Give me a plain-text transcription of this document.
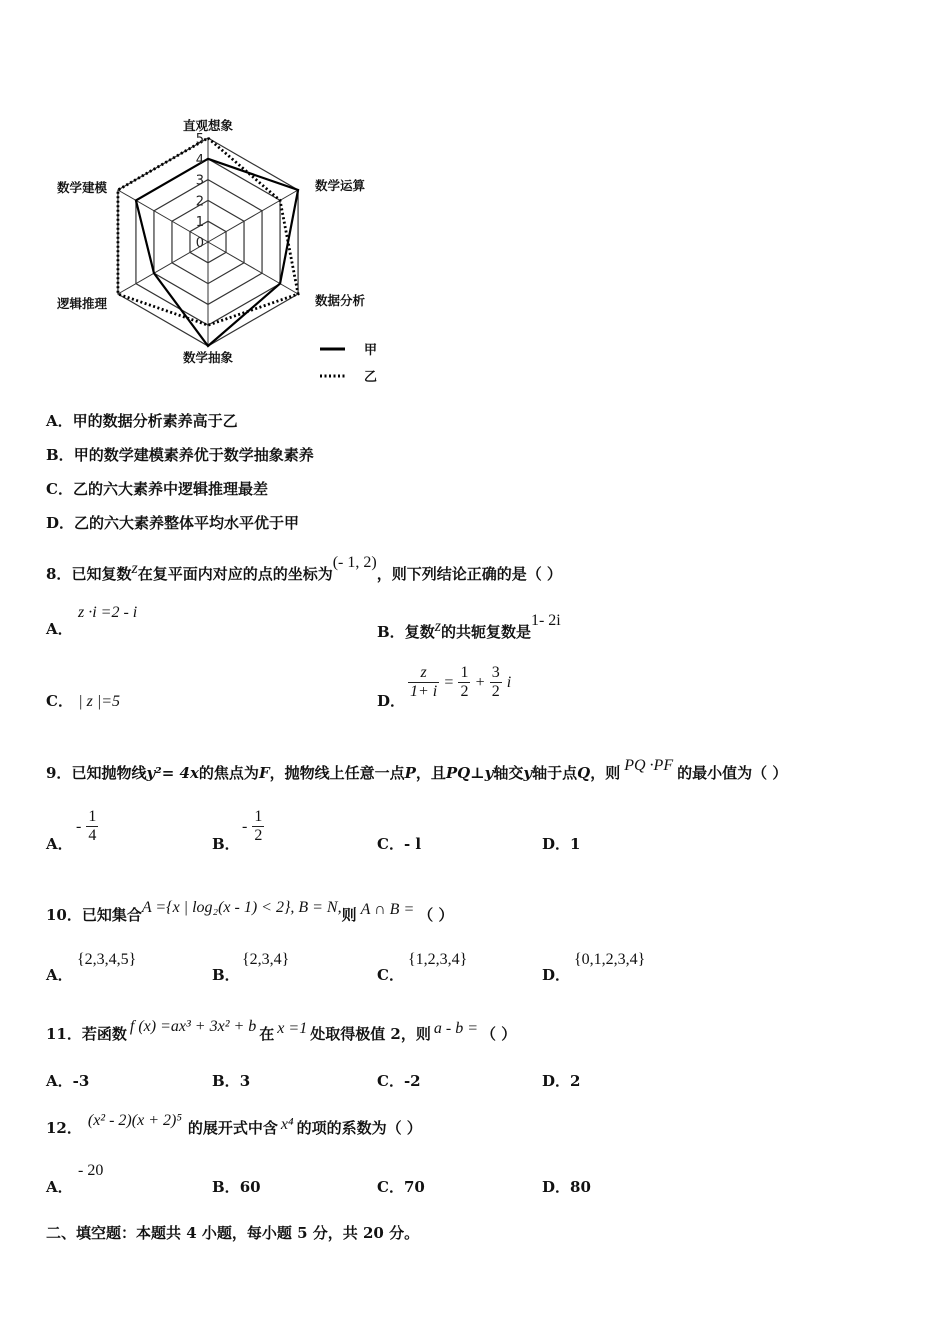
0
1
2
3
4
5
直观想象
数学运算
数据分析
数学抽象
逻辑推理
数学建模
甲
乙
A．甲的数据分析素养高于乙
B．甲的数学建模素养优于数学抽象素养
C．乙的六大素养中逻辑推理最差
D．乙的六大素养整体平均水平优于甲
8．已知复数$^z$在复平面内对应的点的坐标为(- 1, 2)，则下列结论正确的是（ ）
A．
z ·i =2 - i
B．复数$^z$的共轭复数是1- 2i
C． | z |=5	D． $\frac{z}{1+ i} = \frac{1}{2} + \frac{3}{2}$ i
9．已知抛物线y²= 4x的焦点为F，抛物线上任意一点P，且PQ⊥y轴交y轴于点Q，则 PQ ·PF 的最小值为（ ）
A．
- $\frac{1}{4}$	B．
- $\frac{1}{2}$	C．- l	D．1
10．已知集合A ={x | log₂(x - 1) < 2}, B = N,则 A ∩ B = （ ）
A．
{2,3,4,5}
B．
{2,3,4}
C．
{1,2,3,4}
D．
{0,1,2,3,4}
11．若函数 f (x) =ax³ + 3x² + b 在 x =1 处取得极值 2，则 a - b = （ ）
A．-3	B．3	C．-2	D．2
12． (x² - 2)(x + 2)⁵ 的展开式中含 x⁴ 的项的系数为（ ）
A．
- 20
B．60	C．70	D．80
二、填空题：本题共 4 小题，每小题 5 分，共 20 分。
